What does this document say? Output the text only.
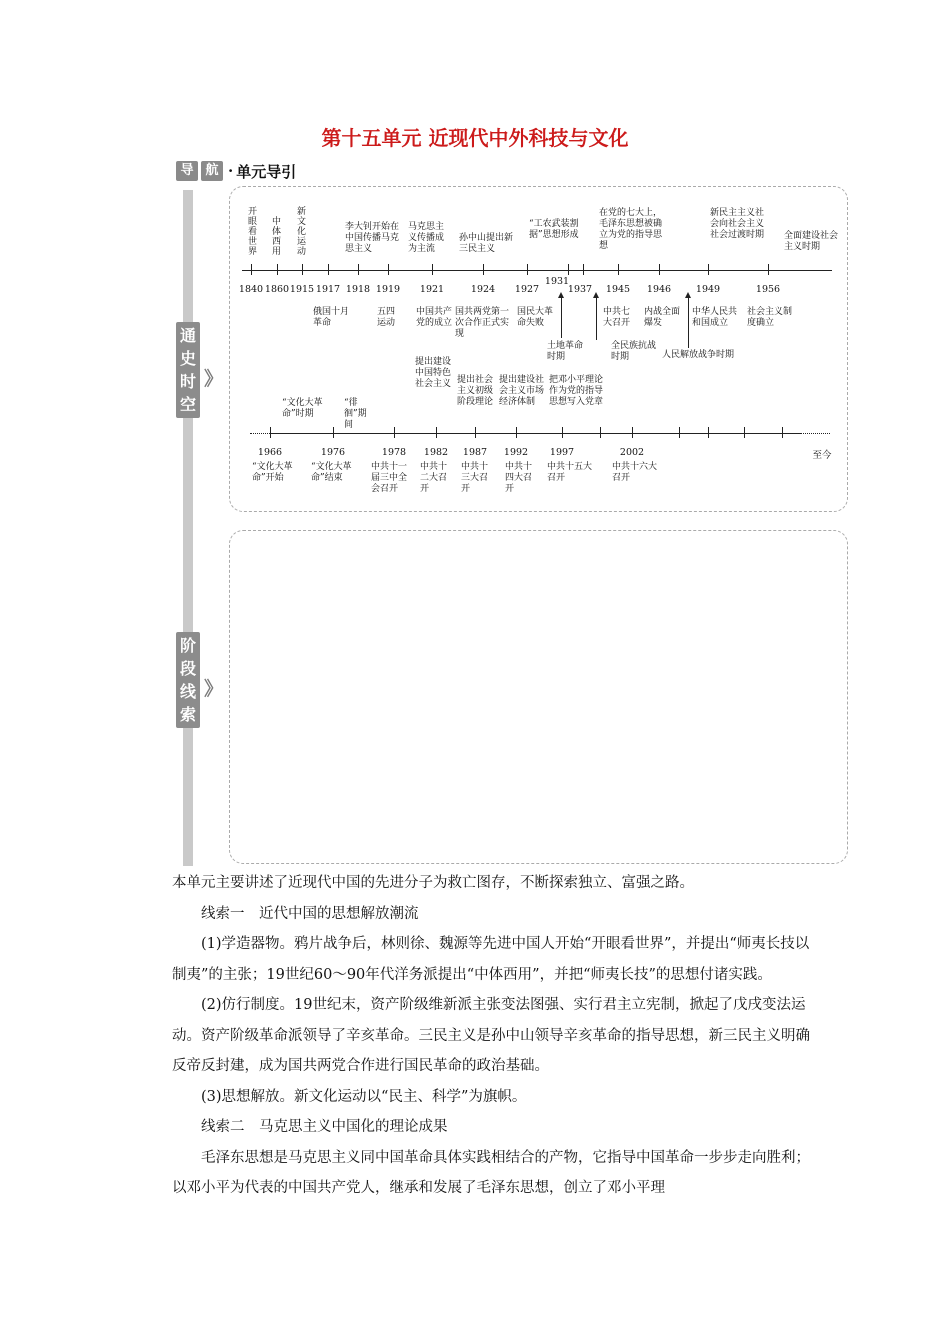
第十五单元 近现代中外科技与文化
导 航 · 单元导引
通史时空
》
阶段线索
》
1840 1860 1915 1917 1918 1919	1921	1924	1927
1931
1937	1945	1946	1949	1956
开眼看世界
中体西用
新文化运动
李大钊开始在中国传播马克思主义
马克思主义传播成为主流
孙中山提出新三民主义
“工农武装割据”思想形成
在党的七大上，毛泽东思想被确立为党的指导思想
新民主主义社会向社会主义社会过渡时期 全面建设社会主义时期
俄国十月革命
五四运动
中国共产党的成立
国共两党第一次合作正式实现
国民大革命失败
土地革命时期
中共七大召开
全民族抗战时期
内战全面爆发
中华人民共和国成立
人民解放战争时期
社会主义制度确立
1966	1976	1978	1982	1987	1992	1997	2002	至今
“文化大革命”时期
“徘徊”期间
提出建设中国特色社会主义 提出社会主义初级阶段理论
提出建设社会主义市场经济体制
把邓小平理论作为党的指导思想写入党章
“文化大革命”开始
“文化大革命”结束
中共十一届三中全会召开
中共十二大召开
中共十三大召开
中共十四大召开
中共十五大召开
中共十六大召开

本单元主要讲述了近现代中国的先进分子为救亡图存，不断探索独立、富强之路。

线索一　近代中国的思想解放潮流

(1)学造器物。鸦片战争后，林则徐、魏源等先进中国人开始“开眼看世界”，并提出“师夷长技以制夷”的主张；19世纪60～90年代洋务派提出“中体西用”，并把“师夷长技”的思想付诸实践。

(2)仿行制度。19世纪末，资产阶级维新派主张变法图强、实行君主立宪制，掀起了戊戌变法运动。资产阶级革命派领导了辛亥革命。三民主义是孙中山领导辛亥革命的指导思想，新三民主义明确反帝反封建，成为国共两党合作进行国民革命的政治基础。

(3)思想解放。新文化运动以“民主、科学”为旗帜。

线索二　马克思主义中国化的理论成果

毛泽东思想是马克思主义同中国革命具体实践相结合的产物，它指导中国革命一步步走向胜利；以邓小平为代表的中国共产党人，继承和发展了毛泽东思想，创立了邓小平理
